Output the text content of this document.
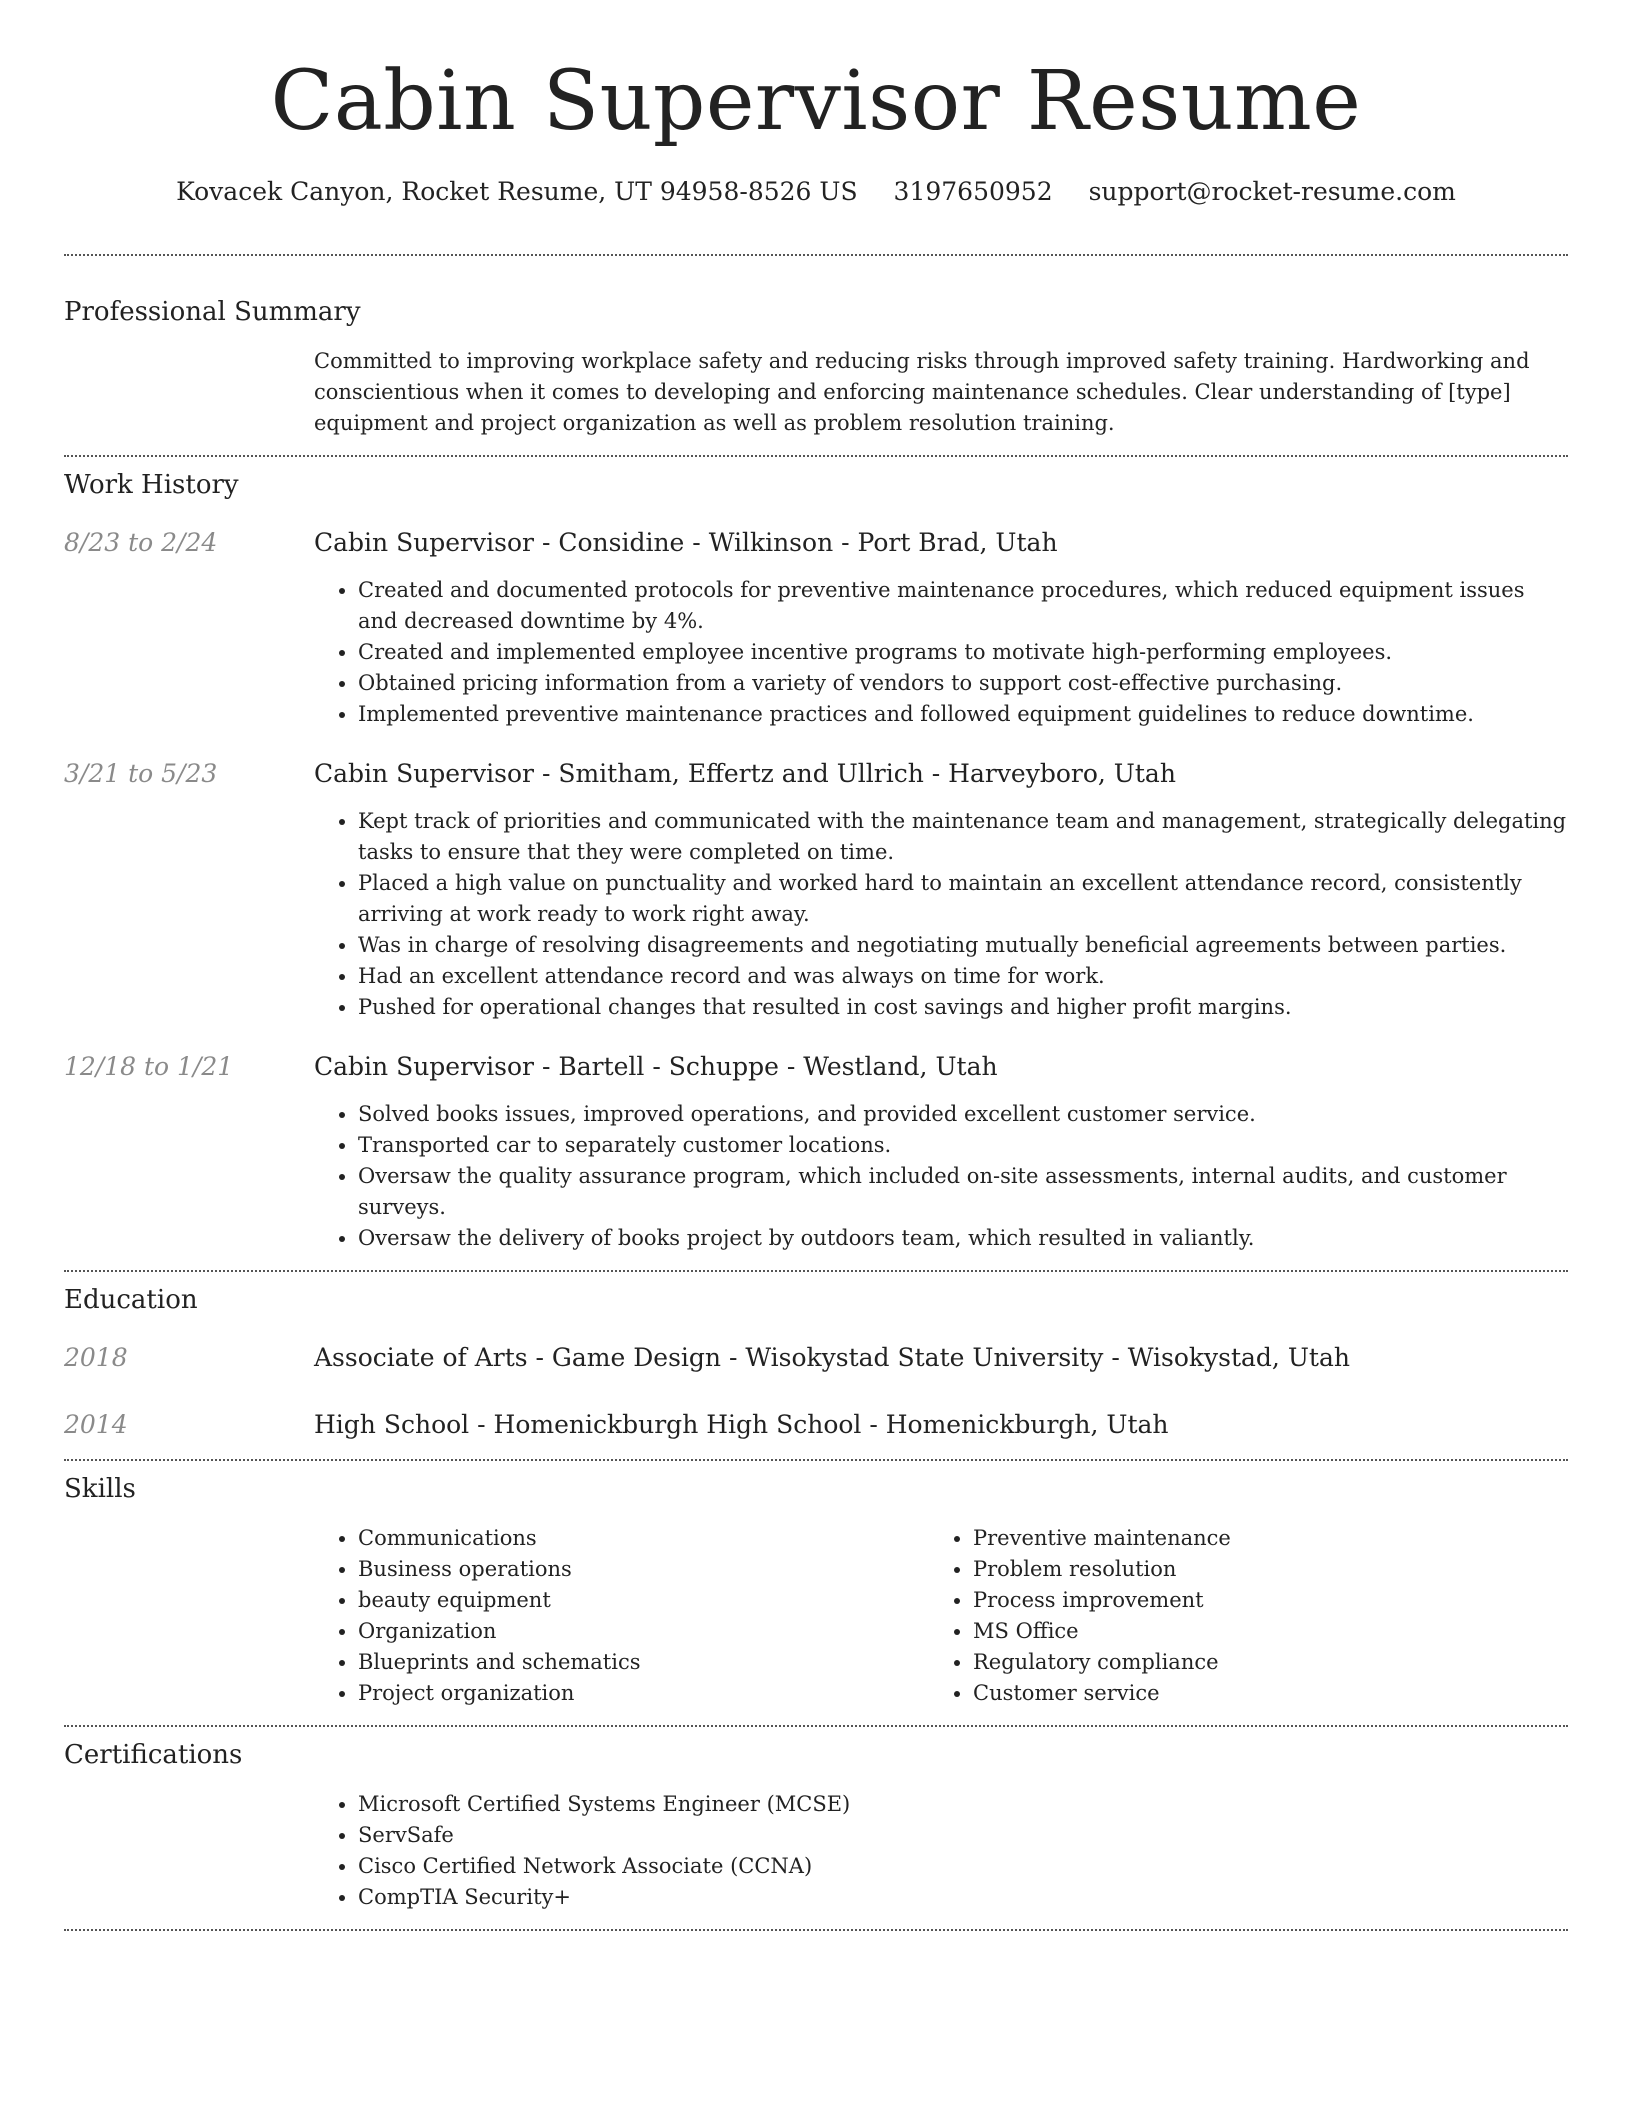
Cabin Supervisor Resume
Kovacek Canyon, Rocket Resume, UT 94958-8526 US 3197650952 support@rocket-resume.com
Professional Summary
Committed to improving workplace safety and reducing risks through improved safety training. Hardworking and conscientious when it comes to developing and enforcing maintenance schedules. Clear understanding of [type] equipment and project organization as well as problem resolution training.
Work History
8/23 to 2/24	Cabin Supervisor - Considine - Wilkinson - Port Brad, Utah
• Created and documented protocols for preventive maintenance procedures, which reduced equipment issues and decreased downtime by 4%.
• Created and implemented employee incentive programs to motivate high-performing employees.
• Obtained pricing information from a variety of vendors to support cost-effective purchasing.
• Implemented preventive maintenance practices and followed equipment guidelines to reduce downtime.
3/21 to 5/23	Cabin Supervisor - Smitham, Effertz and Ullrich - Harveyboro, Utah
• Kept track of priorities and communicated with the maintenance team and management, strategically delegating tasks to ensure that they were completed on time.
• Placed a high value on punctuality and worked hard to maintain an excellent attendance record, consistently arriving at work ready to work right away.
• Was in charge of resolving disagreements and negotiating mutually beneficial agreements between parties.
• Had an excellent attendance record and was always on time for work.
• Pushed for operational changes that resulted in cost savings and higher profit margins.
12/18 to 1/21	Cabin Supervisor - Bartell - Schuppe - Westland, Utah
• Solved books issues, improved operations, and provided excellent customer service.
• Transported car to separately customer locations.
• Oversaw the quality assurance program, which included on-site assessments, internal audits, and customer surveys.
• Oversaw the delivery of books project by outdoors team, which resulted in valiantly.
Education
2018	Associate of Arts - Game Design - Wisokystad State University - Wisokystad, Utah
2014	High School - Homenickburgh High School - Homenickburgh, Utah
Skills
• Communications
• Business operations
• beauty equipment
• Organization
• Blueprints and schematics
• Project organization
• Preventive maintenance
• Problem resolution
• Process improvement
• MS Office
• Regulatory compliance
• Customer service
Certifications
• Microsoft Certified Systems Engineer (MCSE)
• ServSafe
• Cisco Certified Network Associate (CCNA)
• CompTIA Security+
